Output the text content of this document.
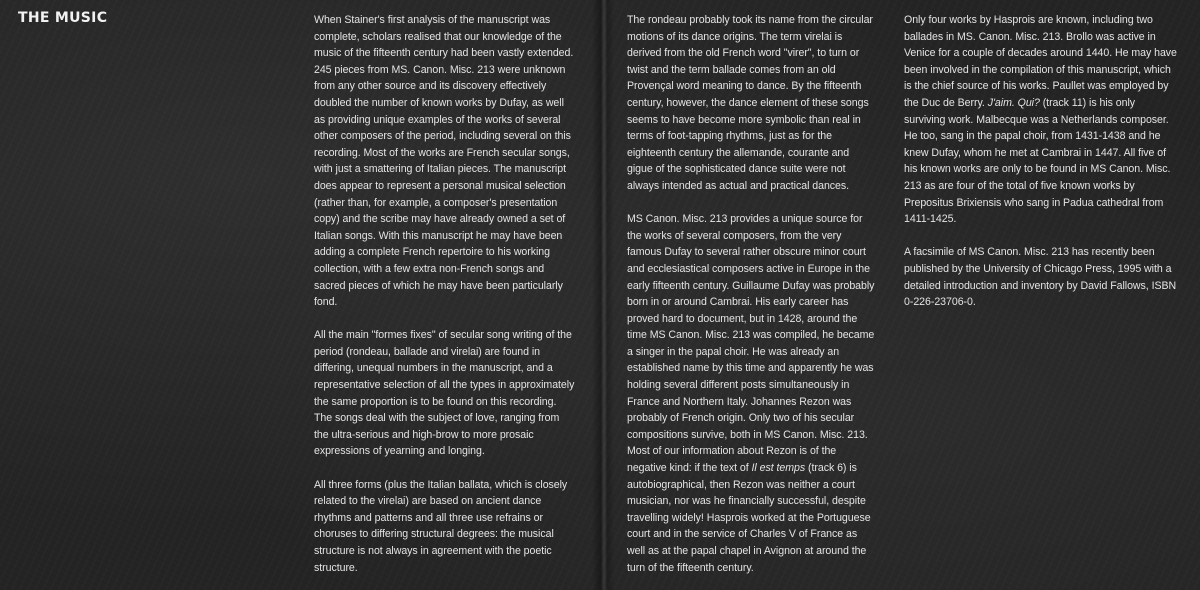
THE MUSIC	When Stainer's first analysis of the manuscript was complete, scholars realised that our knowledge of the music of the fifteenth century had been vastly extended. 245 pieces from MS. Canon. Misc. 213 were unknown from any other source and its discovery effectively doubled the number of known works by Dufay, as well as providing unique examples of the works of several other composers of the period, including several on this recording. Most of the works are French secular songs, with just a smattering of Italian pieces. The manuscript does appear to represent a personal musical selection (rather than, for example, a composer's presentation copy) and the scribe may have already owned a set of Italian songs. With this manuscript he may have been adding a complete French repertoire to his working collection, with a few extra non-French songs and sacred pieces of which he may have been particularly fond.

All the main "formes fixes" of secular song writing of the period (rondeau, ballade and virelai) are found in differing, unequal numbers in the manuscript, and a representative selection of all the types in approximately the same proportion is to be found on this recording. The songs deal with the subject of love, ranging from the ultra-serious and high-brow to more prosaic expressions of yearning and longing.

All three forms (plus the Italian ballata, which is closely related to the virelai) are based on ancient dance rhythms and patterns and all three use refrains or choruses to differing structural degrees: the musical structure is not always in agreement with the poetic structure.

The rondeau probably took its name from the circular motions of its dance origins. The term virelai is derived from the old French word "virer", to turn or twist and the term ballade comes from an old Provençal word meaning to dance. By the fifteenth century, however, the dance element of these songs seems to have become more symbolic than real in terms of foot-tapping rhythms, just as for the eighteenth century the allemande, courante and gigue of the sophisticated dance suite were not always intended as actual and practical dances.

MS Canon. Misc. 213 provides a unique source for the works of several composers, from the very famous Dufay to several rather obscure minor court and ecclesiastical composers active in Europe in the early fifteenth century. Guillaume Dufay was probably born in or around Cambrai. His early career has proved hard to document, but in 1428, around the time MS Canon. Misc. 213 was compiled, he became a singer in the papal choir. He was already an established name by this time and apparently he was holding several different posts simultaneously in France and Northern Italy. Johannes Rezon was probably of French origin. Only two of his secular compositions survive, both in MS Canon. Misc. 213. Most of our information about Rezon is of the negative kind: if the text of Il est temps (track 6) is autobiographical, then Rezon was neither a court musician, nor was he financially successful, despite travelling widely! Hasprois worked at the Portuguese court and in the service of Charles V of France as well as at the papal chapel in Avignon at around the turn of the fifteenth century.

Only four works by Hasprois are known, including two ballades in MS. Canon. Misc. 213. Brollo was active in Venice for a couple of decades around 1440. He may have been involved in the compilation of this manuscript, which is the chief source of his works. Paullet was employed by the Duc de Berry. J'aim. Qui? (track 11) is his only surviving work. Malbecque was a Netherlands composer. He too, sang in the papal choir, from 1431-1438 and he knew Dufay, whom he met at Cambrai in 1447. All five of his known works are only to be found in MS Canon. Misc. 213 as are four of the total of five known works by Prepositus Brixiensis who sang in Padua cathedral from 1411-1425.

A facsimile of MS Canon. Misc. 213 has recently been published by the University of Chicago Press, 1995 with a detailed introduction and inventory by David Fallows, ISBN 0-226-23706-0.
